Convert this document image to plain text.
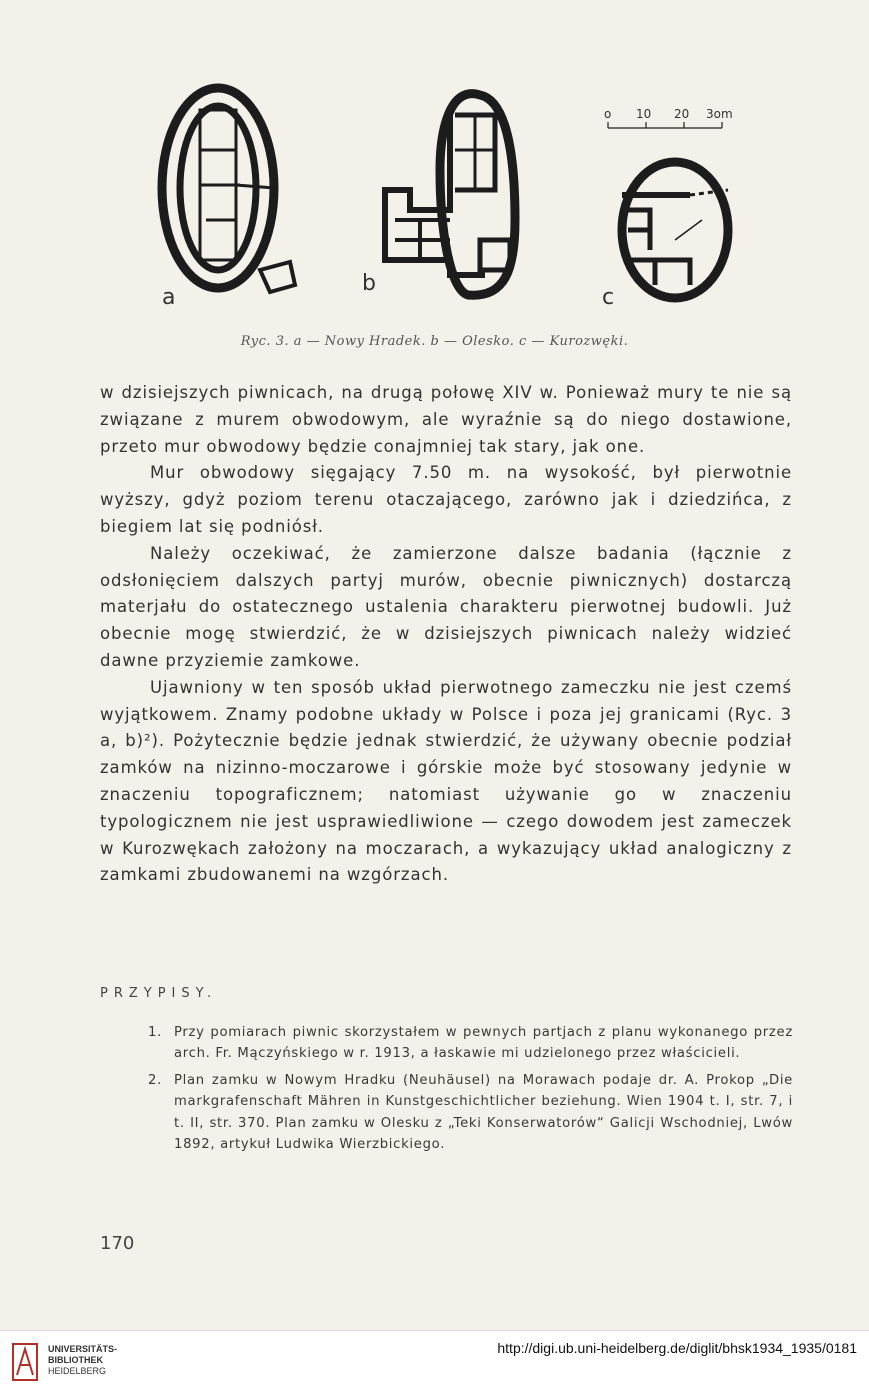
o 10 20 3om
a
b
c
Ryc. 3. a — Nowy Hradek. b — Olesko. c — Kurozwęki.

w dzisiejszych piwnicach, na drugą połowę XIV w. Ponieważ mury te nie są związane z murem obwodowym, ale wyraźnie są do niego dostawione, przeto mur obwodowy będzie conajmniej tak stary, jak one.

Mur obwodowy sięgający 7.50 m. na wysokość, był pierwotnie wyższy, gdyż poziom terenu otaczającego, zarówno jak i dziedzińca, z biegiem lat się podniósł.

Należy oczekiwać, że zamierzone dalsze badania (łącznie z odsłonięciem dalszych partyj murów, obecnie piwnicznych) dostarczą materjału do ostatecznego ustalenia charakteru pierwotnej budowli. Już obecnie mogę stwierdzić, że w dzisiejszych piwnicach należy widzieć dawne przyziemie zamkowe.

Ujawniony w ten sposób układ pierwotnego zameczku nie jest czemś wyjątkowem. Znamy podobne układy w Polsce i poza jej granicami (Ryc. 3 a, b)²). Pożytecznie będzie jednak stwierdzić, że używany obecnie podział zamków na nizinno-moczarowe i górskie może być stosowany jedynie w znaczeniu topograficznem; natomiast używanie go w znaczeniu typologicznem nie jest usprawiedliwione — czego dowodem jest zameczek w Kurozwękach założony na moczarach, a wykazujący układ analogiczny z zamkami zbudowanemi na wzgórzach.

PRZYPISY.
1. Przy pomiarach piwnic skorzystałem w pewnych partjach z planu wykonanego przez arch. Fr. Mączyńskiego w r. 1913, a łaskawie mi udzielonego przez właścicieli.
2. Plan zamku w Nowym Hradku (Neuhäusel) na Morawach podaje dr. A. Prokop „Die markgrafenschaft Mähren in Kunstgeschichtlicher beziehung. Wien 1904 t. I, str. 7, i t. II, str. 370. Plan zamku w Olesku z „Teki Konserwatorów“ Galicji Wschodniej, Lwów 1892, artykuł Ludwika Wierzbickiego.
170
UNIVERSITÄTS-
BIBLIOTHEK
HEIDELBERG
http://digi.ub.uni-heidelberg.de/diglit/bhsk1934_1935/0181
